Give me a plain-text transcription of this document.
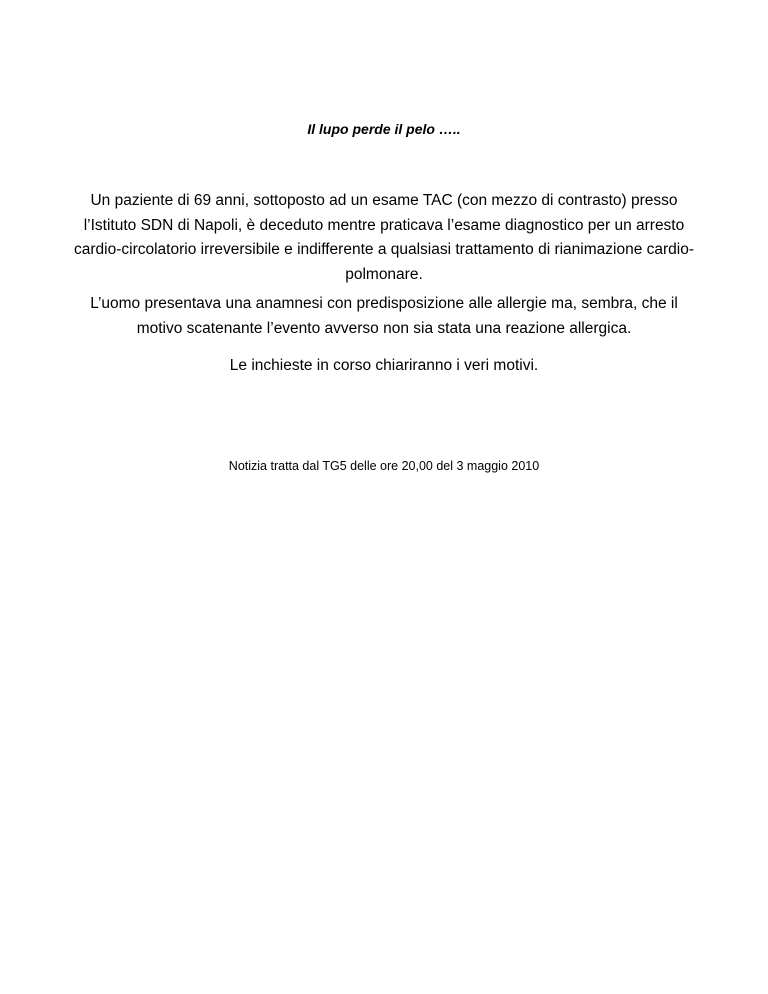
Il lupo perde il pelo …..

Un paziente di 69 anni, sottoposto ad un esame TAC (con mezzo di contrasto) presso l’Istituto SDN di Napoli, è deceduto mentre praticava l’esame diagnostico per un arresto cardio-circolatorio irreversibile e indifferente a qualsiasi trattamento di rianimazione cardio-polmonare.

L’uomo presentava una anamnesi con predisposizione alle allergie ma, sembra, che il motivo scatenante l’evento avverso non sia stata una reazione allergica.

Le inchieste in corso chiariranno i veri motivi.

Notizia tratta dal TG5 delle ore 20,00 del 3 maggio 2010
